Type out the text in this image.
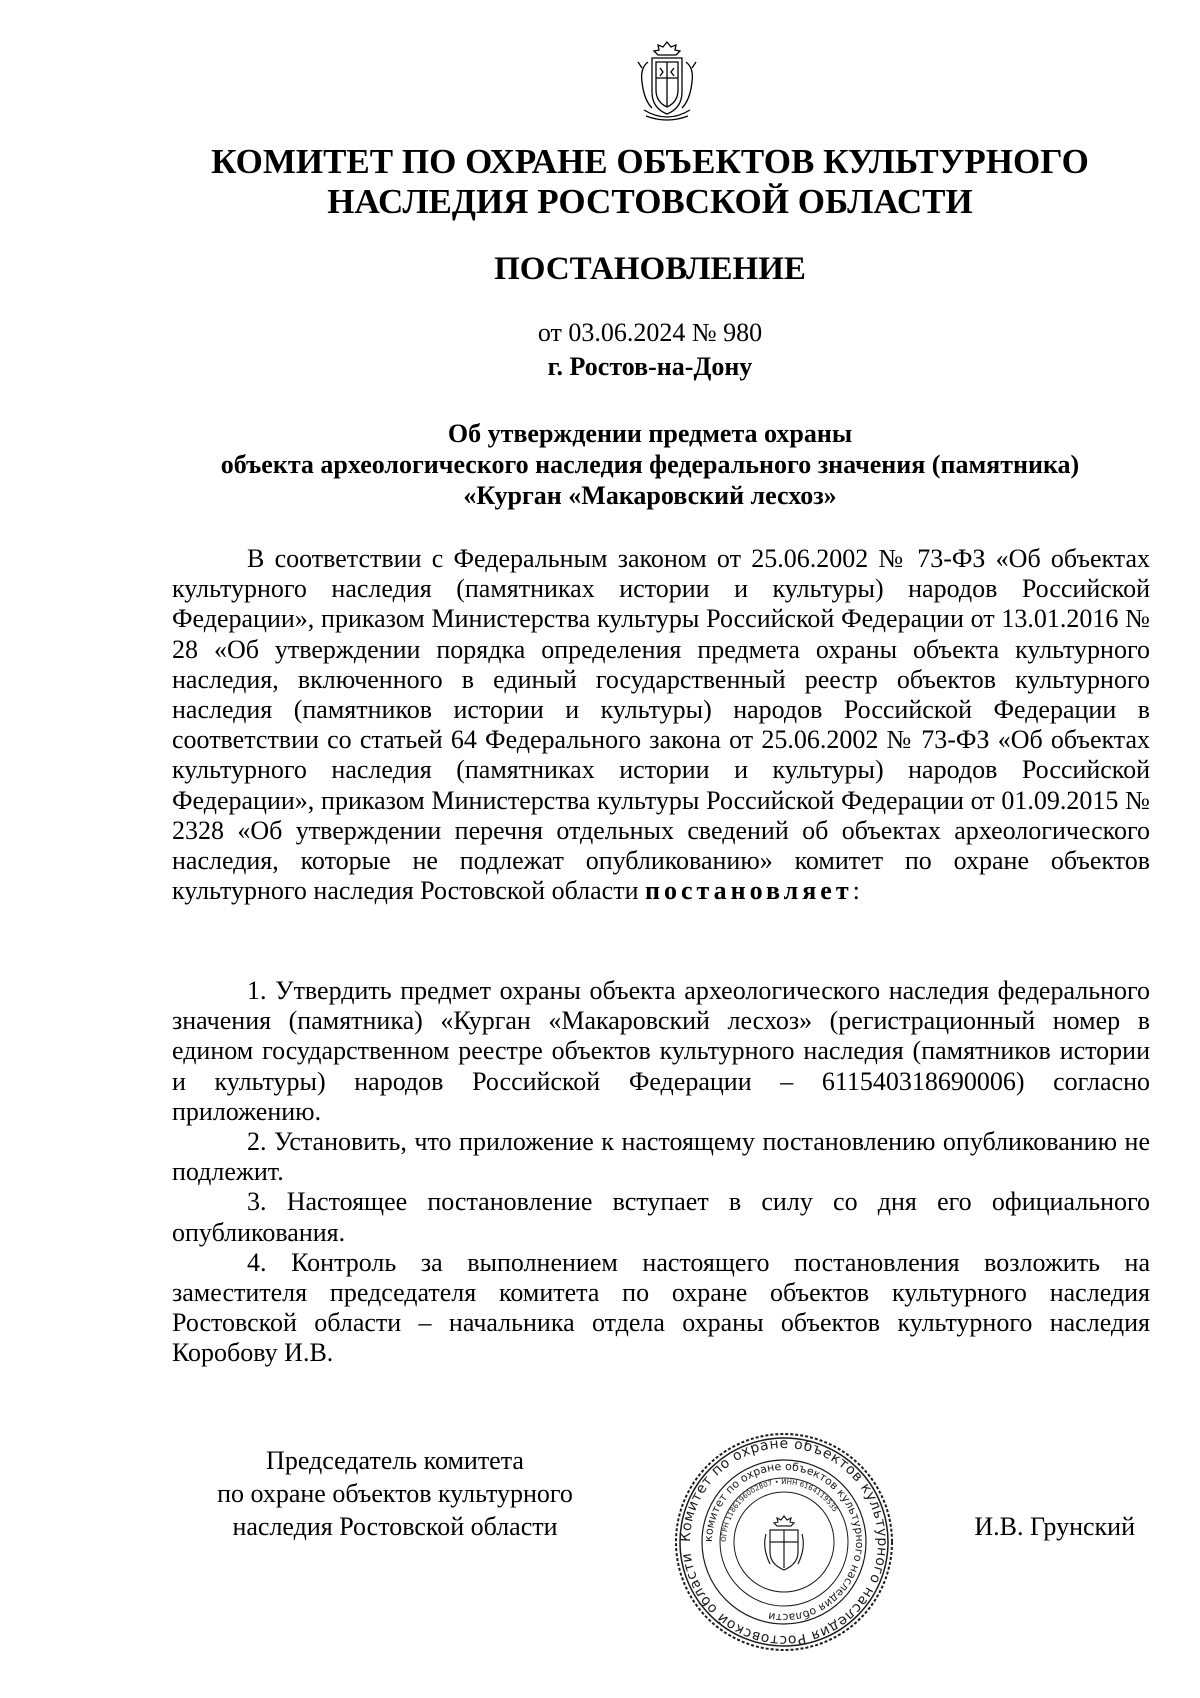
КОМИТЕТ ПО ОХРАНЕ ОБЪЕКТОВ КУЛЬТУРНОГО
НАСЛЕДИЯ РОСТОВСКОЙ ОБЛАСТИ
ПОСТАНОВЛЕНИЕ
от 03.06.2024 № 980
г. Ростов-на-Дону
Об утверждении предмета охраны
объекта археологического наследия федерального значения (памятника)
«Курган «Макаровский лесхоз»

В соответствии с Федеральным законом от 25.06.2002 № 73-ФЗ «Об объектах культурного наследия (памятниках истории и культуры) народов Российской Федерации», приказом Министерства культуры Российской Федерации от 13.01.2016 № 28 «Об утверждении порядка определения предмета охраны объекта культурного наследия, включенного в единый государственный реестр объектов культурного наследия (памятников истории и культуры) народов Российской Федерации в соответствии со статьей 64 Федерального закона от 25.06.2002 № 73-ФЗ «Об объектах культурного наследия (памятниках истории и культуры) народов Российской Федерации», приказом Министерства культуры Российской Федерации от 01.09.2015 № 2328 «Об утверждении перечня отдельных сведений об объектах археологического наследия, которые не подлежат опубликованию» комитет по охране объектов культурного наследия Ростовской области постановляет:

1. Утвердить предмет охраны объекта археологического наследия федерального значения (памятника) «Курган «Макаровский лесхоз» (регистрационный номер в едином государственном реестре объектов культурного наследия (памятников истории и культуры) народов Российской Федерации – 611540318690006) согласно приложению.

2. Установить, что приложение к настоящему постановлению опубликованию не подлежит.

3. Настоящее постановление вступает в силу со дня его официального опубликования.

4. Контроль за выполнением настоящего постановления возложить на заместителя председателя комитета по охране объектов культурного наследия Ростовской области – начальника отдела охраны объектов культурного наследия Коробову И.В.

Председатель комитета
по охране объектов культурного
наследия Ростовской области	Комитет по охране объектов культурного наследия Ростовской области
комитет по охране объектов культурного наследия области
ОГРН 1186196002807 • ИНН 6164119535
И.В. Грунский
